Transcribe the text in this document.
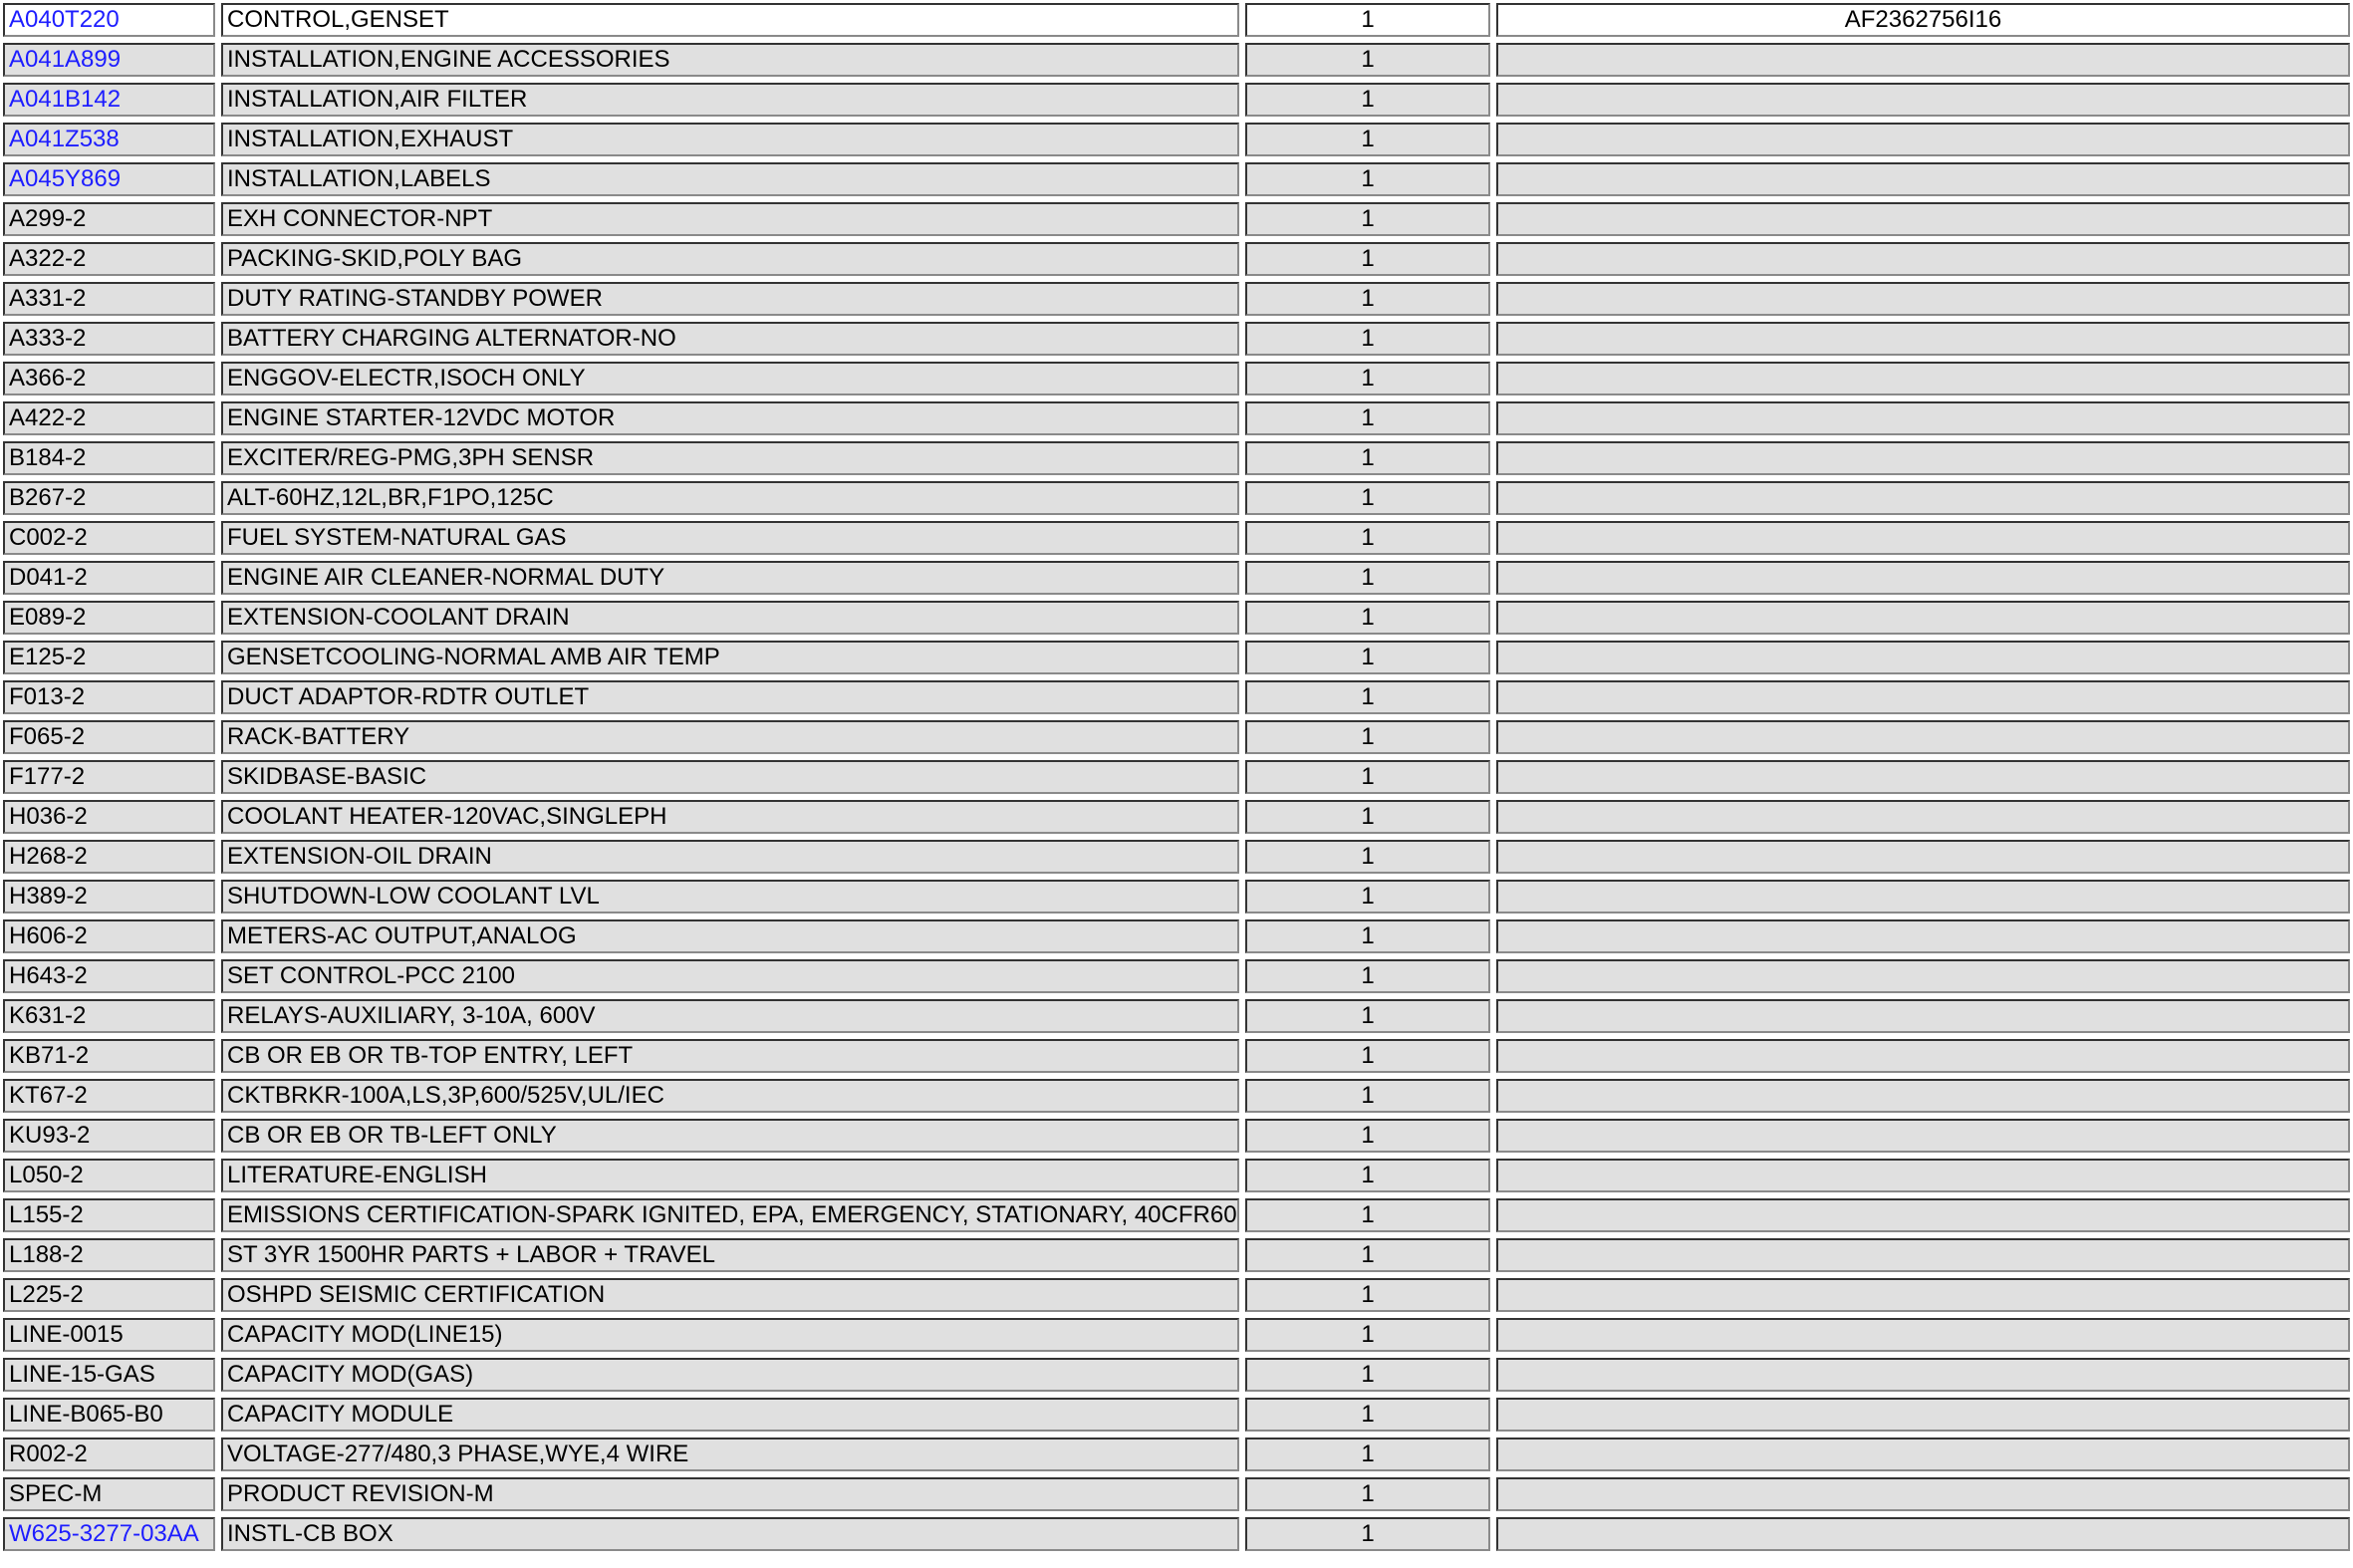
A040T220	CONTROL,GENSET	1	AF2362756I16

A041A899	INSTALLATION,ENGINE ACCESSORIES	1	

A041B142	INSTALLATION,AIR FILTER	1	

A041Z538	INSTALLATION,EXHAUST	1	

A045Y869	INSTALLATION,LABELS	1	

A299-2	EXH CONNECTOR-NPT	1	

A322-2	PACKING-SKID,POLY BAG	1	

A331-2	DUTY RATING-STANDBY POWER	1	

A333-2	BATTERY CHARGING ALTERNATOR-NO	1	

A366-2	ENGGOV-ELECTR,ISOCH ONLY	1	

A422-2	ENGINE STARTER-12VDC MOTOR	1	

B184-2	EXCITER/REG-PMG,3PH SENSR	1	

B267-2	ALT-60HZ,12L,BR,F1PO,125C	1	

C002-2	FUEL SYSTEM-NATURAL GAS	1	

D041-2	ENGINE AIR CLEANER-NORMAL DUTY	1	

E089-2	EXTENSION-COOLANT DRAIN	1	

E125-2	GENSETCOOLING-NORMAL AMB AIR TEMP	1	

F013-2	DUCT ADAPTOR-RDTR OUTLET	1	

F065-2	RACK-BATTERY	1	

F177-2	SKIDBASE-BASIC	1	

H036-2	COOLANT HEATER-120VAC,SINGLEPH	1	

H268-2	EXTENSION-OIL DRAIN	1	

H389-2	SHUTDOWN-LOW COOLANT LVL	1	

H606-2	METERS-AC OUTPUT,ANALOG	1	

H643-2	SET CONTROL-PCC 2100	1	

K631-2	RELAYS-AUXILIARY, 3-10A, 600V	1	

KB71-2	CB OR EB OR TB-TOP ENTRY, LEFT	1	

KT67-2	CKTBRKR-100A,LS,3P,600/525V,UL/IEC	1	

KU93-2	CB OR EB OR TB-LEFT ONLY	1	

L050-2	LITERATURE-ENGLISH	1	

L155-2	EMISSIONS CERTIFICATION-SPARK IGNITED, EPA, EMERGENCY, STATIONARY, 40CFR60	1	

L188-2	ST 3YR 1500HR PARTS + LABOR + TRAVEL	1	

L225-2	OSHPD SEISMIC CERTIFICATION	1	

LINE-0015	CAPACITY MOD(LINE15)	1	

LINE-15-GAS	CAPACITY MOD(GAS)	1	

LINE-B065-B0	CAPACITY MODULE	1	

R002-2	VOLTAGE-277/480,3 PHASE,WYE,4 WIRE	1	

SPEC-M	PRODUCT REVISION-M	1	

W625-3277-03AA	INSTL-CB BOX	1	
